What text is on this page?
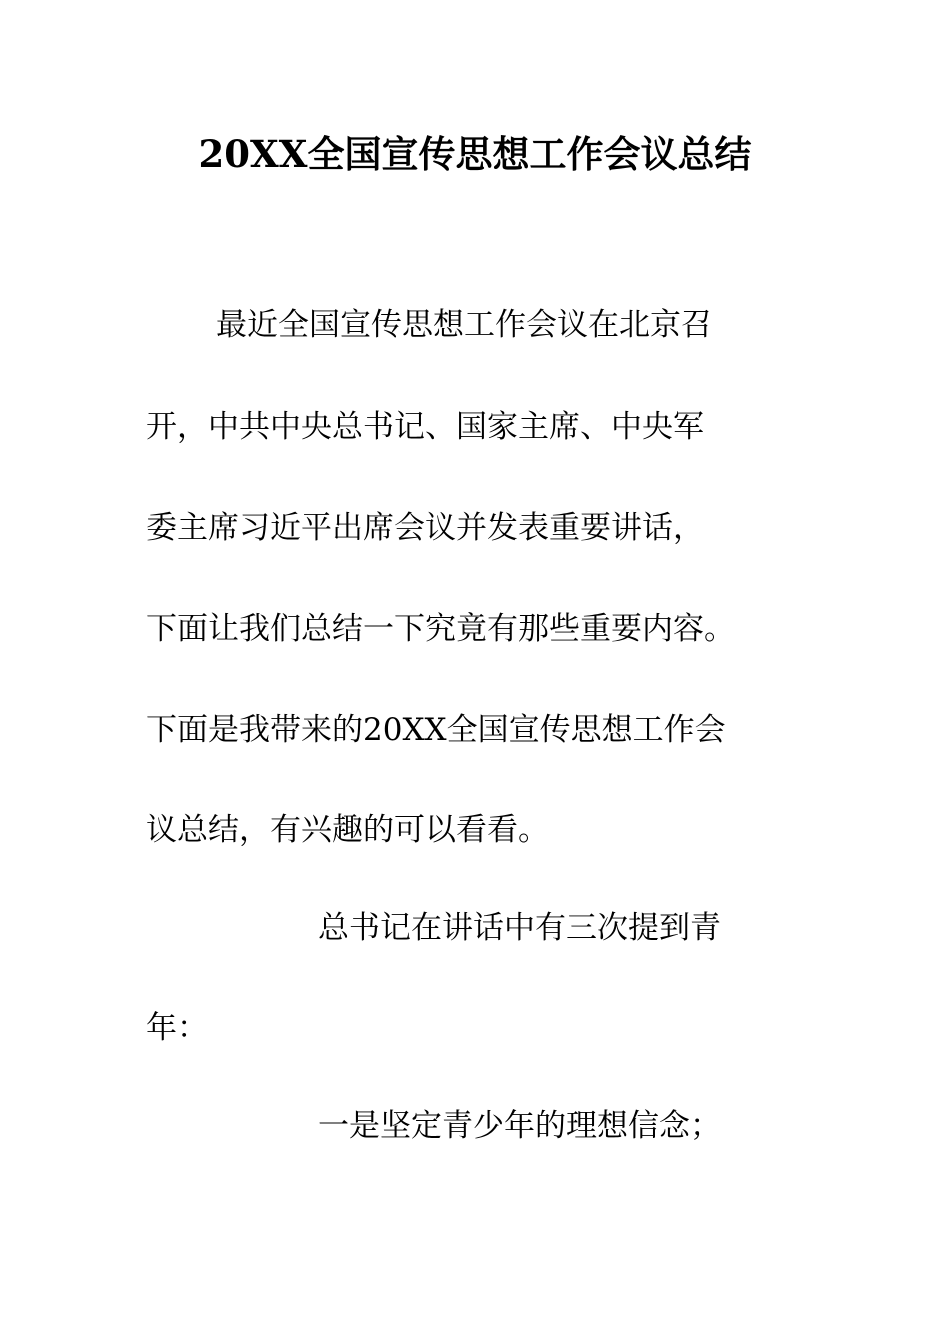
20XX全国宣传思想工作会议总结
最近全国宣传思想工作会议在北京召
开，中共中央总书记、国家主席、中央军
委主席习近平出席会议并发表重要讲话，
下面让我们总结一下究竟有那些重要内容。
下面是我带来的20XX全国宣传思想工作会
议总结，有兴趣的可以看看。
总书记在讲话中有三次提到青
年：
一是坚定青少年的理想信念；
